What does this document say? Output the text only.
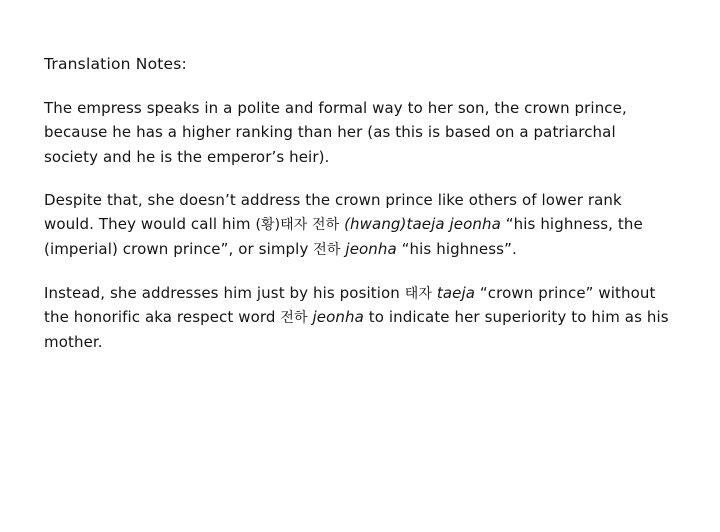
Translation Notes:
The empress speaks in a polite and formal way to her son, the crown prince, because he has a higher ranking than her (as this is based on a patriarchal society and he is the emperor’s heir).
Despite that, she doesn’t address the crown prince like others of lower rank would. They would call him (황)태자 전하 (hwang)taeja jeonha “his highness, the (imperial) crown prince”, or simply 전하 jeonha “his highness”.
Instead, she addresses him just by his position 태자 taeja “crown prince” without the honorific aka respect word 전하 jeonha to indicate her superiority to him as his mother.
